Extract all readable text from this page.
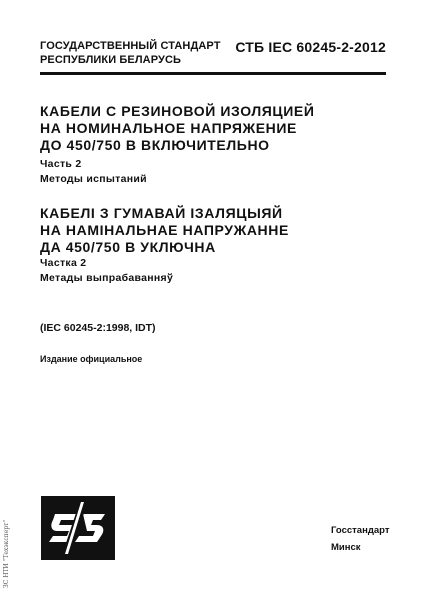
ГОСУДАРСТВЕННЫЙ СТАНДАРТ
РЕСПУБЛИКИ БЕЛАРУСЬ
СТБ IEC 60245-2-2012
КАБЕЛИ С РЕЗИНОВОЙ ИЗОЛЯЦИЕЙ
НА НОМИНАЛЬНОЕ НАПРЯЖЕНИЕ
ДО 450/750 В ВКЛЮЧИТЕЛЬНО
Часть 2
Методы испытаний
КАБЕЛІ З ГУМАВАЙ ІЗАЛЯЦЫЯЙ
НА НАМІНАЛЬНАЕ НАПРУЖАННЕ
ДА 450/750 В УКЛЮЧНА
Частка 2
Метады выпрабаванняў
(IEC 60245-2:1998, IDT)
Издание официальное
Госстандарт
Минск
ЗС НТИ "Техэксперт"
